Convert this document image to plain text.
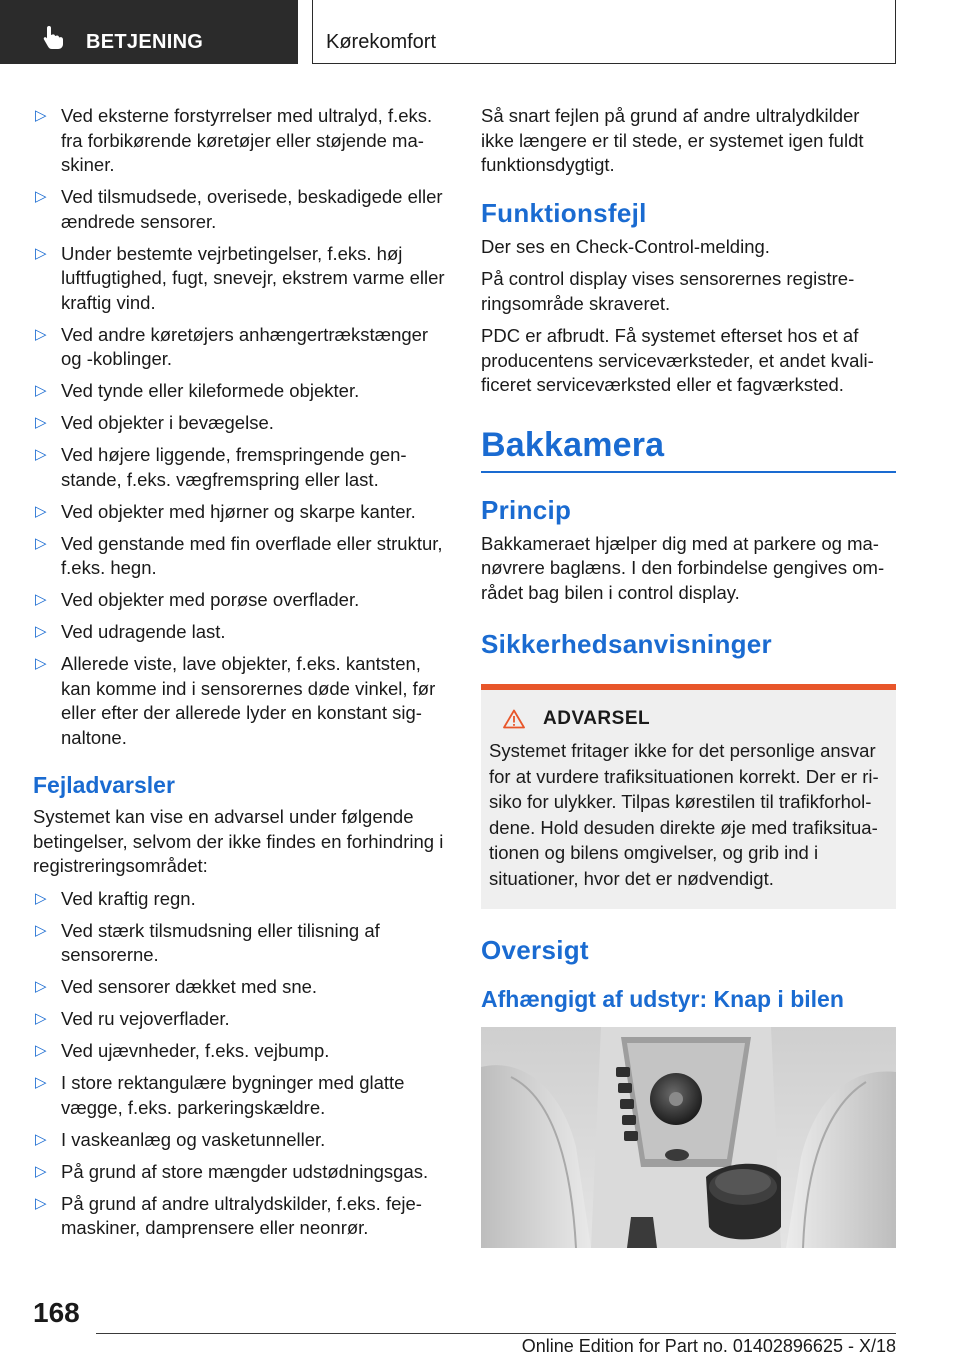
BETJENING	Kørekomfort
▷ Ved eksterne forstyrrelser med ultralyd, f.eks. fra forbikørende køretøjer eller støjende maskiner.
▷ Ved tilsmudsede, overisede, beskadigede eller ændrede sensorer.
▷ Under bestemte vejrbetingelser, f.eks. høj luftfugtighed, fugt, snevejr, ekstrem varme eller kraftig vind.
▷ Ved andre køretøjers anhængertrækstænger og -koblinger.
▷ Ved tynde eller kileformede objekter.
▷ Ved objekter i bevægelse.
▷ Ved højere liggende, fremspringende genstande, f.eks. vægfremspring eller last.
▷ Ved objekter med hjørner og skarpe kanter.
▷ Ved genstande med fin overflade eller struktur, f.eks. hegn.
▷ Ved objekter med porøse overflader.
▷ Ved udragende last.
▷ Allerede viste, lave objekter, f.eks. kantsten, kan komme ind i sensorernes døde vinkel, før eller efter der allerede lyder en konstant signaltone.
Fejladvarsler

Systemet kan vise en advarsel under følgende betingelser, selvom der ikke findes en forhindring i registreringsområdet:

▷ Ved kraftig regn.
▷ Ved stærk tilsmudsning eller tilisning af sensorerne.
▷ Ved sensorer dækket med sne.
▷ Ved ru vejoverflader.
▷ Ved ujævnheder, f.eks. vejbump.
▷ I store rektangulære bygninger med glatte vægge, f.eks. parkeringskældre.
▷ I vaskeanlæg og vasketunneller.
▷ På grund af store mængder udstødningsgas.
▷ På grund af andre ultralydskilder, f.eks. fejemaskiner, damprensere eller neonrør.

Så snart fejlen på grund af andre ultralydkilder ikke længere er til stede, er systemet igen fuldt funktionsdygtigt.

Funktionsfejl

Der ses en Check-Control-melding.

På control display vises sensorernes registreringsområde skraveret.

PDC er afbrudt. Få systemet efterset hos et af producentens serviceværksteder, et andet kvalificeret serviceværksted eller et fagværksted.

Bakkamera
Princip

Bakkameraet hjælper dig med at parkere og manøvrere baglæns. I den forbindelse gengives området bag bilen i control display.

Sikkerhedsanvisninger
ADVARSEL

Systemet fritager ikke for det personlige ansvar for at vurdere trafiksituationen korrekt. Der er risiko for ulykker. Tilpas kørestilen til trafikforholdene. Hold desuden direkte øje med trafiksituationen og bilens omgivelser, og grib ind i situationer, hvor det er nødvendigt.

Oversigt
Afhængigt af udstyr: Knap i bilen
168
Online Edition for Part no. 01402896625 - X/18
